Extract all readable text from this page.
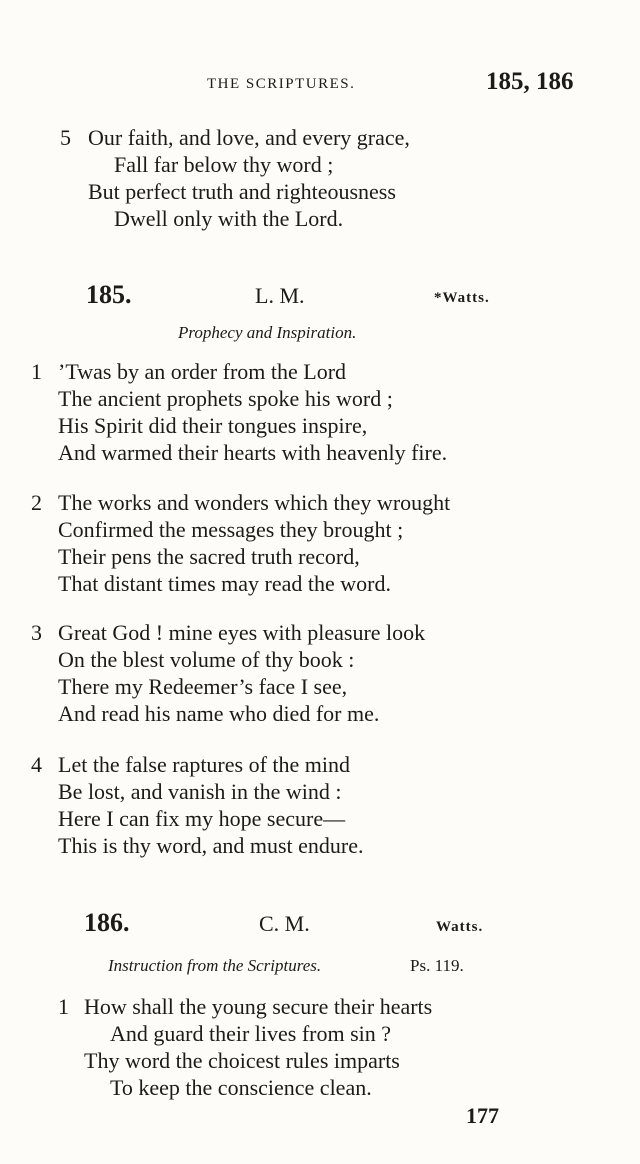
THE SCRIPTURES.	185, 186
5 Our faith, and love, and every grace,
Fall far below thy word ;
But perfect truth and righteousness
Dwell only with the Lord.
185.	L. M.	*Watts.
Prophecy and Inspiration.
1 ’Twas by an order from the Lord
The ancient prophets spoke his word ;
His Spirit did their tongues inspire,
And warmed their hearts with heavenly fire.
2 The works and wonders which they wrought
Confirmed the messages they brought ;
Their pens the sacred truth record,
That distant times may read the word.
3 Great God ! mine eyes with pleasure look
On the blest volume of thy book :
There my Redeemer’s face I see,
And read his name who died for me.
4 Let the false raptures of the mind
Be lost, and vanish in the wind :
Here I can fix my hope secure—
This is thy word, and must endure.
186.	C. M.	Watts.
Instruction from the Scriptures.	Ps. 119.
1 How shall the young secure their hearts
And guard their lives from sin ?
Thy word the choicest rules imparts
To keep the conscience clean.
177
